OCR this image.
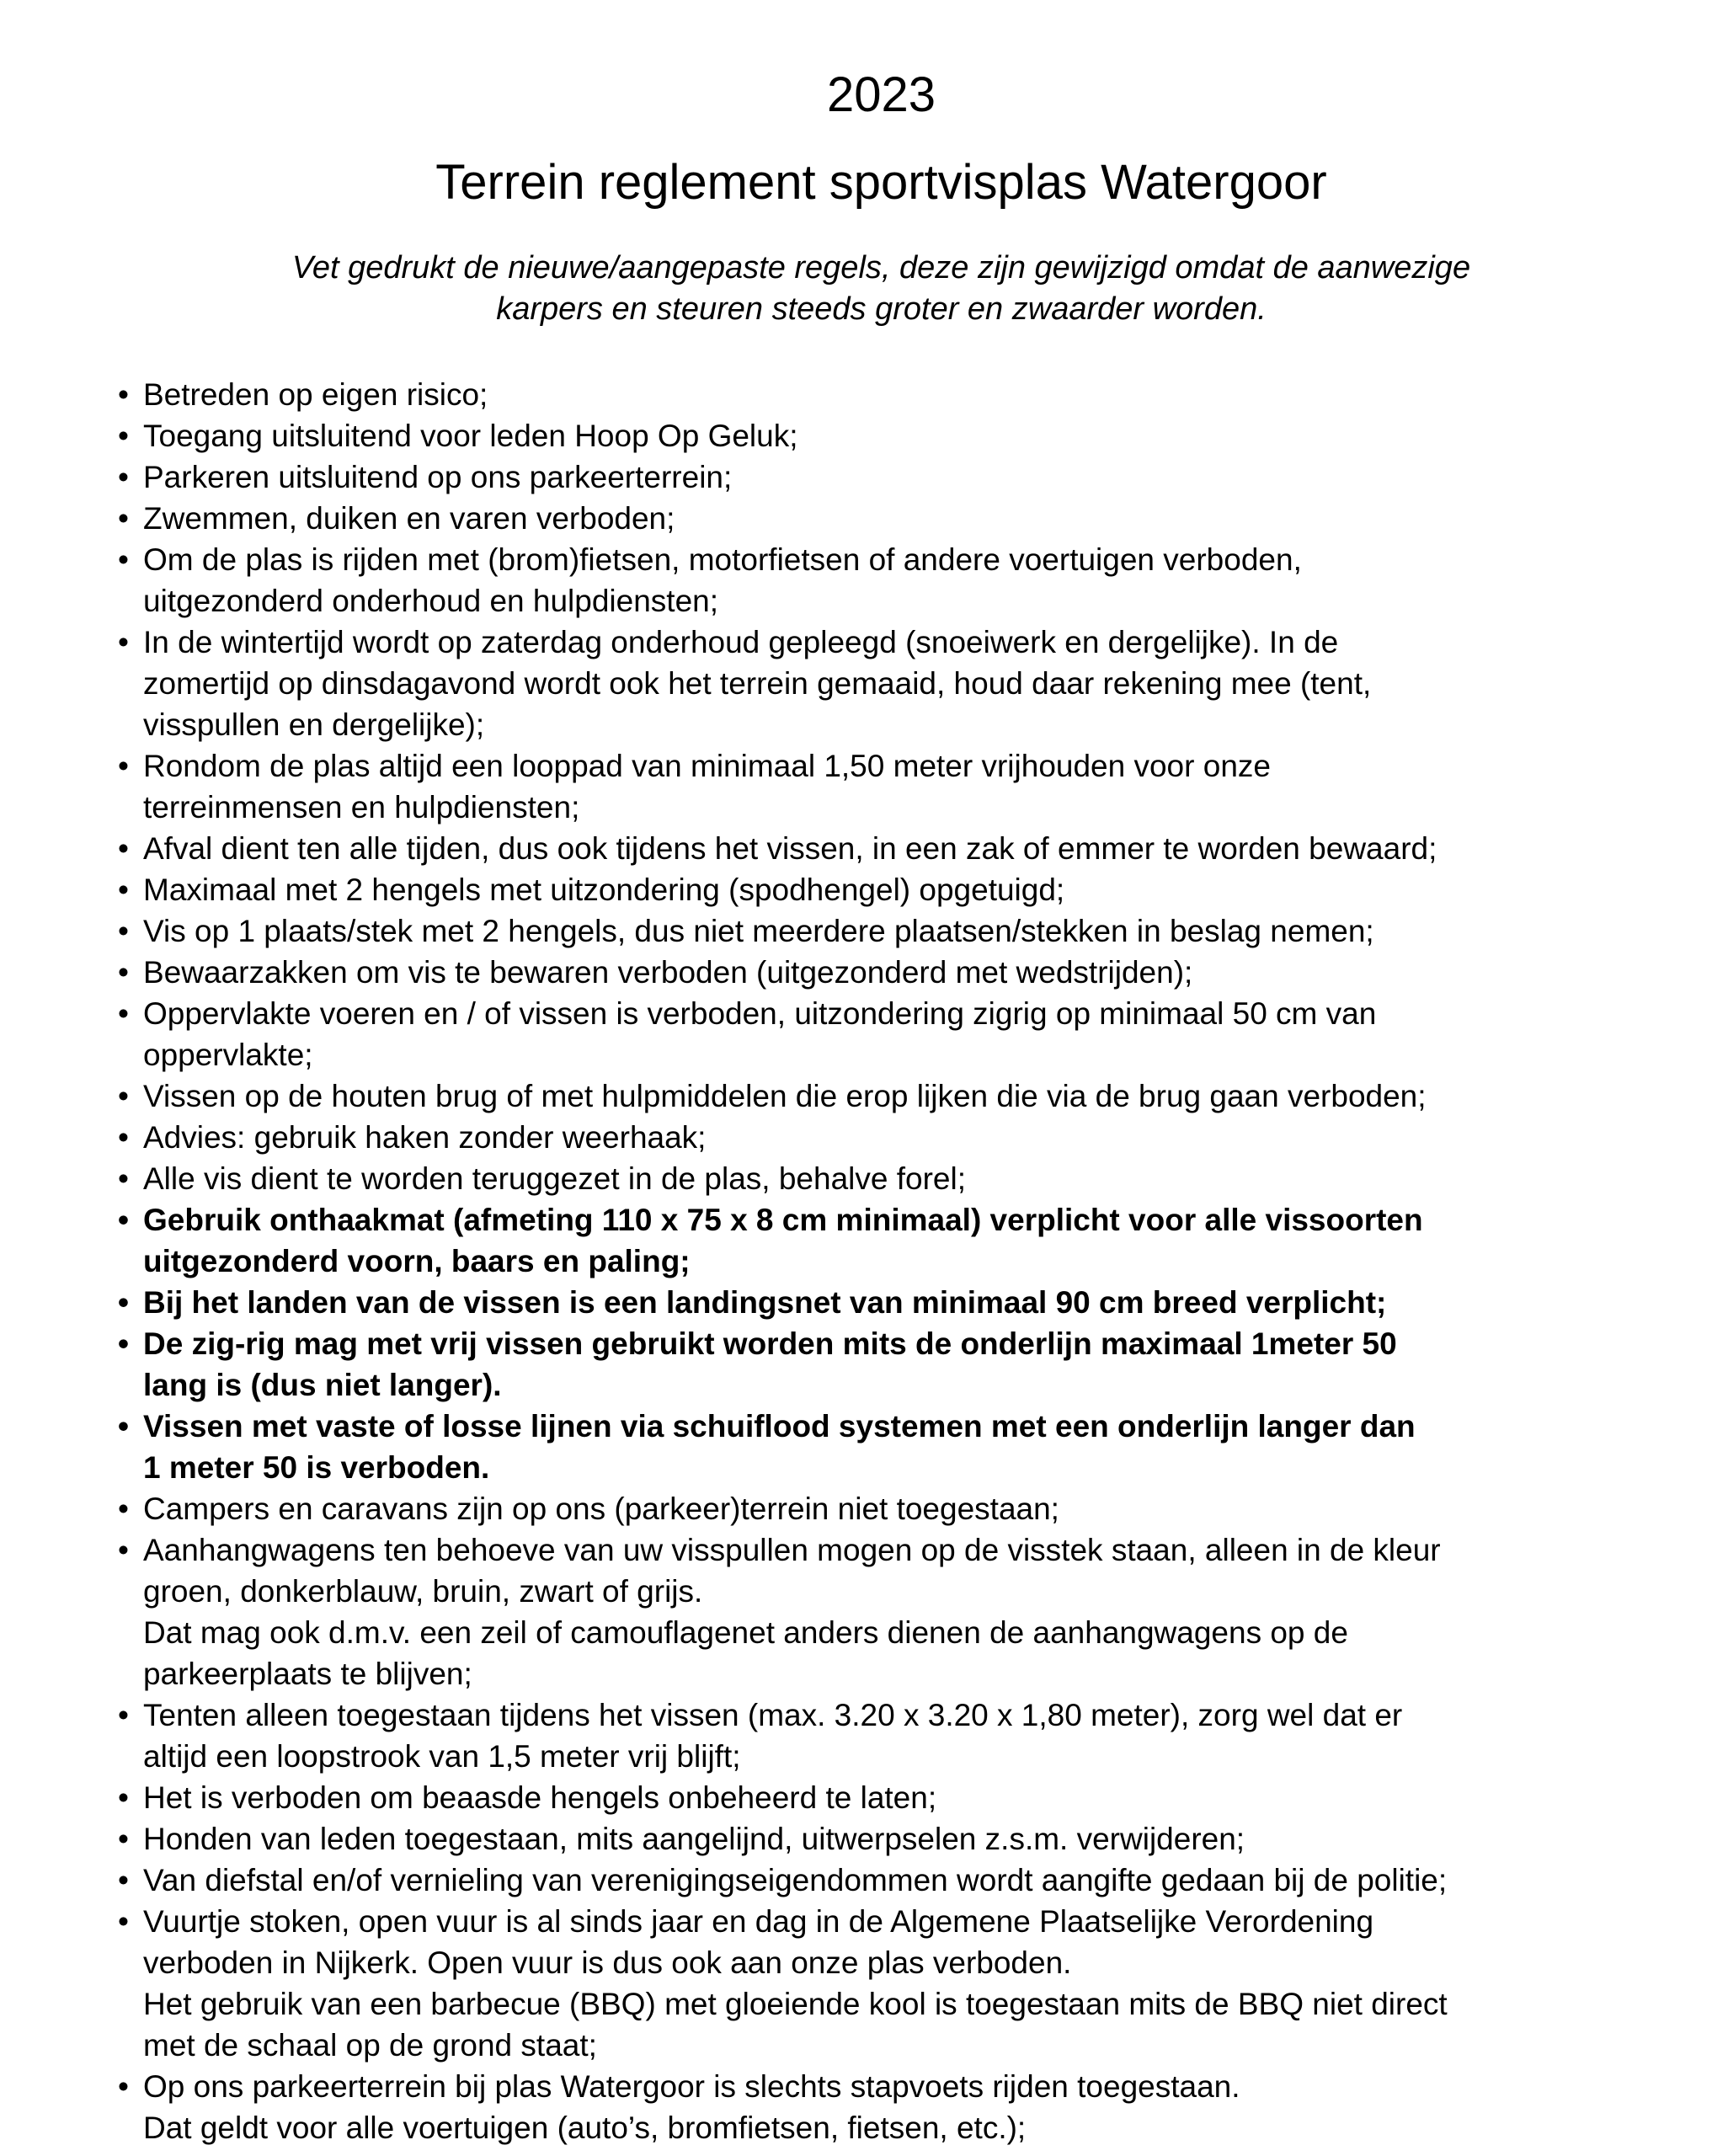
2023
Terrein reglement sportvisplas Watergoor

Vet gedrukt de nieuwe/aangepaste regels, deze zijn gewijzigd omdat de aanwezige karpers en steuren steeds groter en zwaarder worden.

• Betreden op eigen risico;
• Toegang uitsluitend voor leden Hoop Op Geluk;
• Parkeren uitsluitend op ons parkeerterrein;
• Zwemmen, duiken en varen verboden;
• Om de plas is rijden met (brom)fietsen, motorfietsen of andere voertuigen verboden,
uitgezonderd onderhoud en hulpdiensten;
• In de wintertijd wordt op zaterdag onderhoud gepleegd (snoeiwerk en dergelijke). In de
zomertijd op dinsdagavond wordt ook het terrein gemaaid, houd daar rekening mee (tent,
visspullen en dergelijke);
• Rondom de plas altijd een looppad van minimaal 1,50 meter vrijhouden voor onze
terreinmensen en hulpdiensten;
• Afval dient ten alle tijden, dus ook tijdens het vissen, in een zak of emmer te worden bewaard;
• Maximaal met 2 hengels met uitzondering (spodhengel) opgetuigd;
• Vis op 1 plaats/stek met 2 hengels, dus niet meerdere plaatsen/stekken in beslag nemen;
• Bewaarzakken om vis te bewaren verboden (uitgezonderd met wedstrijden);
• Oppervlakte voeren en / of vissen is verboden, uitzondering zigrig op minimaal 50 cm van
oppervlakte;
• Vissen op de houten brug of met hulpmiddelen die erop lijken die via de brug gaan verboden;
• Advies: gebruik haken zonder weerhaak;
• Alle vis dient te worden teruggezet in de plas, behalve forel;
• Gebruik onthaakmat (afmeting 110 x 75 x 8 cm minimaal) verplicht voor alle vissoorten
uitgezonderd voorn, baars en paling;
• Bij het landen van de vissen is een landingsnet van minimaal 90 cm breed verplicht;
• De zig-rig mag met vrij vissen gebruikt worden mits de onderlijn maximaal 1meter 50
lang is (dus niet langer).
• Vissen met vaste of losse lijnen via schuiflood systemen met een onderlijn langer dan
1 meter 50 is verboden.
• Campers en caravans zijn op ons (parkeer)terrein niet toegestaan;
• Aanhangwagens ten behoeve van uw visspullen mogen op de visstek staan, alleen in de kleur
groen, donkerblauw, bruin, zwart of grijs.
Dat mag ook d.m.v. een zeil of camouflagenet anders dienen de aanhangwagens op de
parkeerplaats te blijven;
• Tenten alleen toegestaan tijdens het vissen (max. 3.20 x 3.20 x 1,80 meter), zorg wel dat er
altijd een loopstrook van 1,5 meter vrij blijft;
• Het is verboden om beaasde hengels onbeheerd te laten;
• Honden van leden toegestaan, mits aangelijnd, uitwerpselen z.s.m. verwijderen;
• Van diefstal en/of vernieling van verenigingseigendommen wordt aangifte gedaan bij de politie;
• Vuurtje stoken, open vuur is al sinds jaar en dag in de Algemene Plaatselijke Verordening
verboden in Nijkerk. Open vuur is dus ook aan onze plas verboden.
Het gebruik van een barbecue (BBQ) met gloeiende kool is toegestaan mits de BBQ niet direct
met de schaal op de grond staat;
• Op ons parkeerterrein bij plas Watergoor is slechts stapvoets rijden toegestaan.
Dat geldt voor alle voertuigen (auto’s, bromfietsen, fietsen, etc.);
